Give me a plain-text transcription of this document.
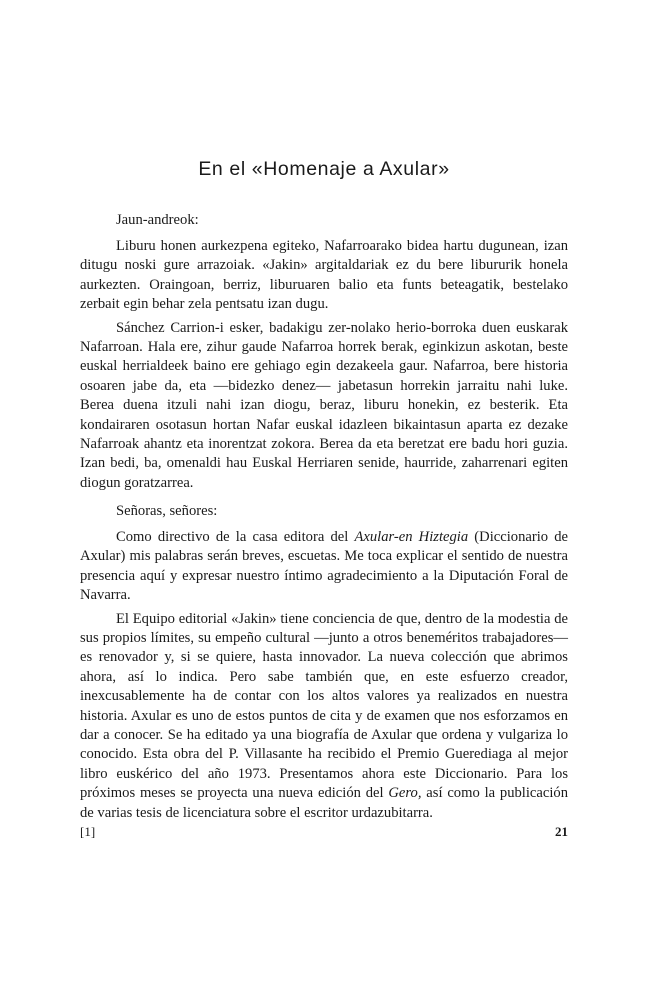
En el «Homenaje a Axular»

Jaun-andreok:

Liburu honen aurkezpena egiteko, Nafarroarako bidea hartu dugunean, izan ditugu noski gure arrazoiak. «Jakin» argitaldariak ez du bere libururik honela aurkezten. Oraingoan, berriz, liburuaren balio eta funts beteagatik, bestelako zerbait egin behar zela pentsatu izan dugu.

Sánchez Carrion-i esker, badakigu zer-nolako herio-borroka duen euskarak Nafarroan. Hala ere, zihur gaude Nafarroa horrek berak, eginkizun askotan, beste euskal herrialdeek baino ere gehiago egin dezakeela gaur. Nafarroa, bere historia osoaren jabe da, eta —bidezko denez— jabetasun horrekin jarraitu nahi luke. Berea duena itzuli nahi izan diogu, beraz, liburu honekin, ez besterik. Eta kondairaren osotasun hortan Nafar euskal idazleen bikaintasun aparta ez dezake Nafarroak ahantz eta inorentzat zokora. Berea da eta beretzat ere badu hori guzia. Izan bedi, ba, omenaldi hau Euskal Herriaren senide, haurride, zaharrenari egiten diogun goratzarrea.

Señoras, señores:

Como directivo de la casa editora del Axular-en Hiztegia (Diccionario de Axular) mis palabras serán breves, escuetas. Me toca explicar el sentido de nuestra presencia aquí y expresar nuestro íntimo agradecimiento a la Diputación Foral de Navarra.

El Equipo editorial «Jakin» tiene conciencia de que, dentro de la modestia de sus propios límites, su empeño cultural —junto a otros beneméritos trabajadores— es renovador y, si se quiere, hasta innovador. La nueva colección que abrimos ahora, así lo indica. Pero sabe también que, en este esfuerzo creador, inexcusablemente ha de contar con los altos valores ya realizados en nuestra historia. Axular es uno de estos puntos de cita y de examen que nos esforzamos en dar a conocer. Se ha editado ya una biografía de Axular que ordena y vulgariza lo conocido. Esta obra del P. Villasante ha recibido el Premio Guerediaga al mejor libro euskérico del año 1973. Presentamos ahora este Diccionario. Para los próximos meses se proyecta una nueva edición del Gero, así como la publicación de varias tesis de licenciatura sobre el escritor urdazubitarra.

[1]	21
